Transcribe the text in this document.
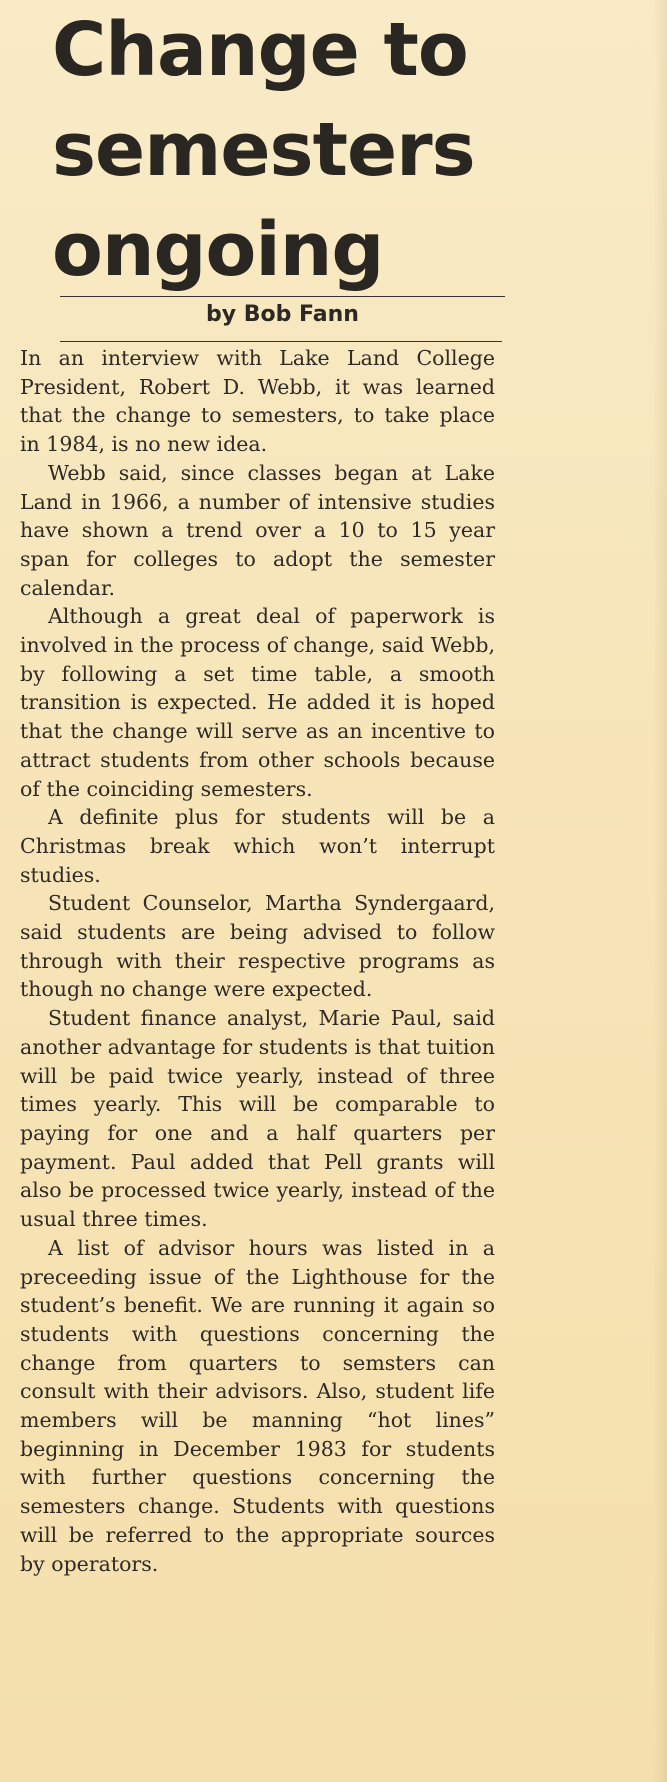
Change to
semesters
ongoing
by Bob Fann

In an interview with Lake Land College President, Robert D. Webb, it was learned that the change to semesters, to take place in 1984, is no new idea.

Webb said, since classes began at Lake Land in 1966, a number of intensive studies have shown a trend over a 10 to 15 year span for colleges to adopt the semester calendar.

Although a great deal of paperwork is involved in the process of change, said Webb, by following a set time table, a smooth transition is expected. He added it is hoped that the change will serve as an incentive to attract students from other schools because of the coinciding semesters.

A definite plus for students will be a Christmas break which won’t interrupt studies.

Student Counselor, Martha Syndergaard, said students are being advised to follow through with their respective programs as though no change were expected.

Student finance analyst, Marie Paul, said another advantage for students is that tuition will be paid twice yearly, instead of three times yearly. This will be comparable to paying for one and a half quarters per payment. Paul added that Pell grants will also be processed twice yearly, instead of the usual three times.

A list of advisor hours was listed in a preceeding issue of the Lighthouse for the student’s benefit. We are running it again so students with questions concerning the change from quarters to semsters can consult with their advisors. Also, student life members will be manning “hot lines” beginning in December 1983 for students with further questions concerning the semesters change. Students with questions will be referred to the appropriate sources by operators.
